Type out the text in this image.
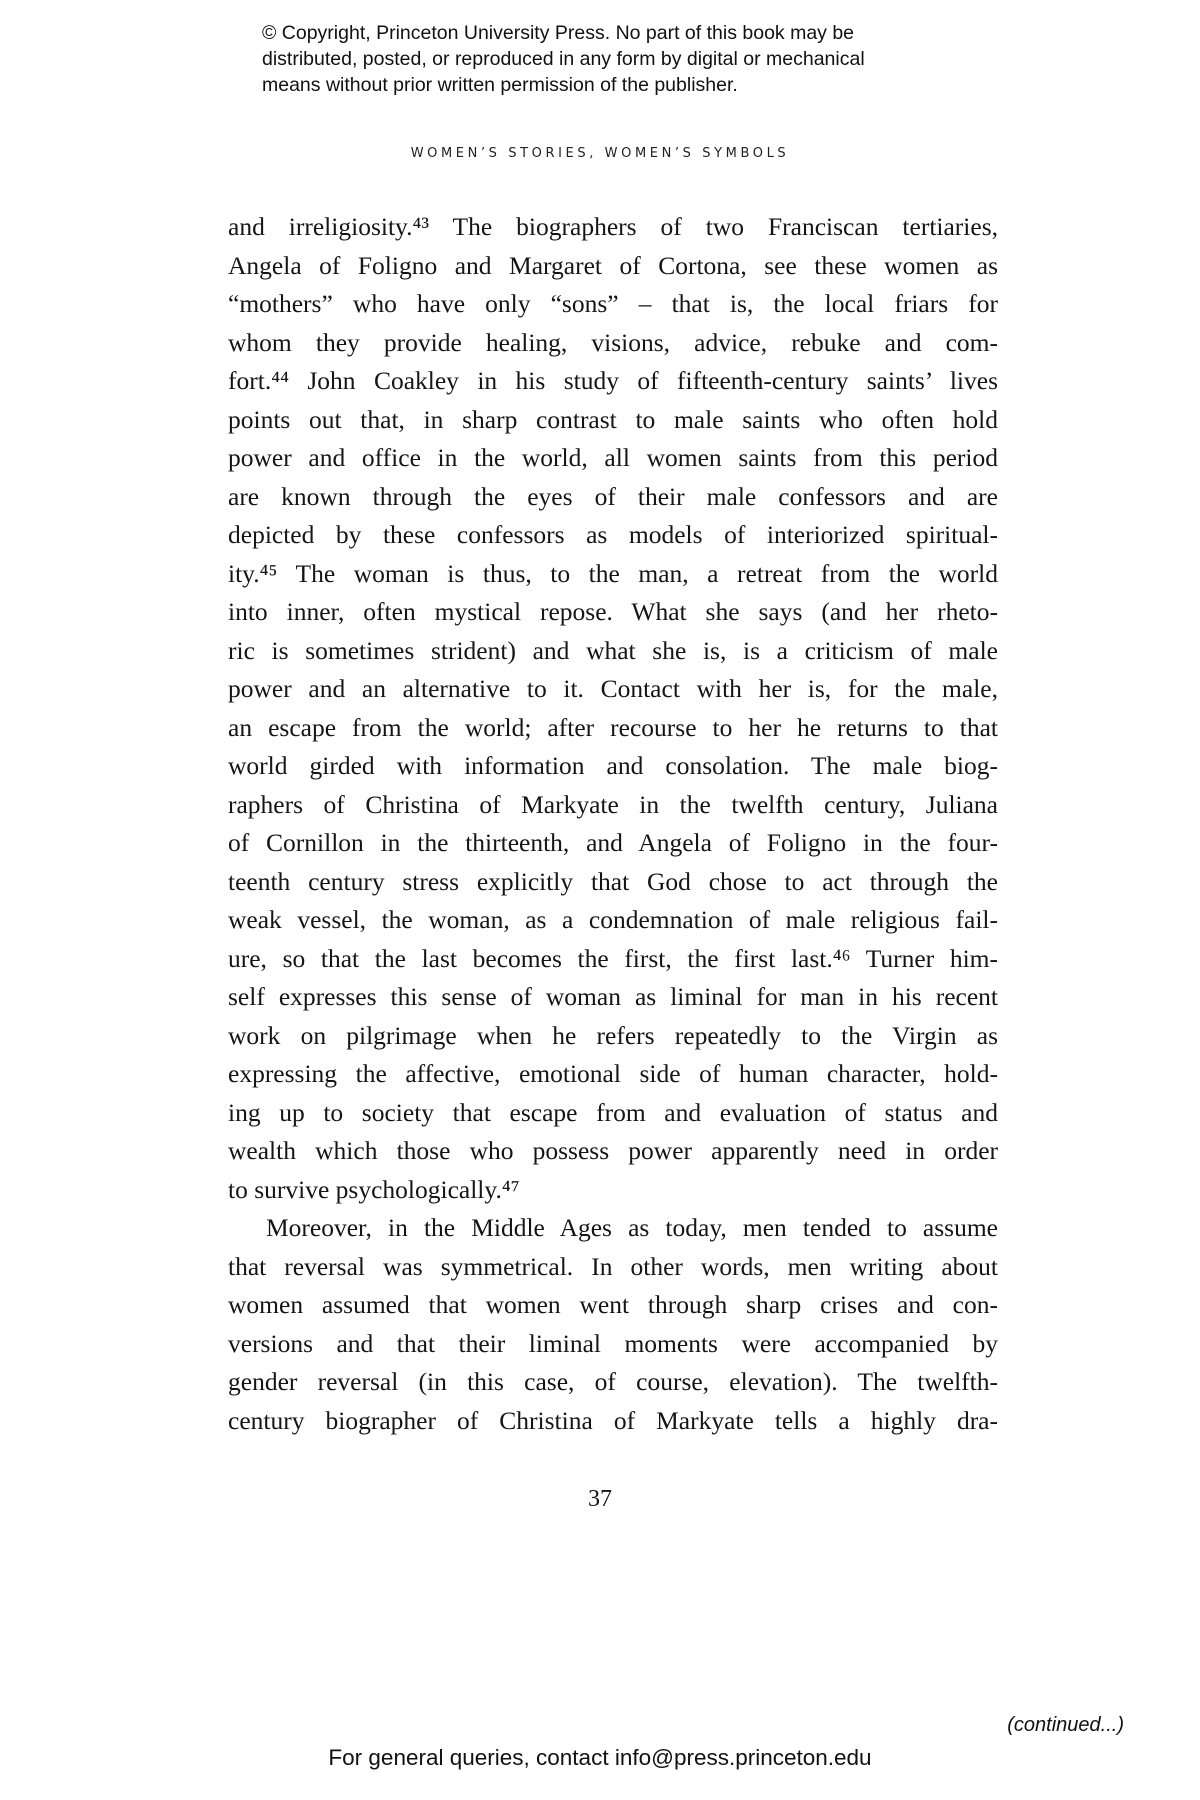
© Copyright, Princeton University Press. No part of this book may be
distributed, posted, or reproduced in any form by digital or mechanical
means without prior written permission of the publisher.
WOMEN’S STORIES, WOMEN’S SYMBOLS
and irreligiosity.⁴³ The biographers of two Franciscan tertiaries,
Angela of Foligno and Margaret of Cortona, see these women as
“mothers” who have only “sons” – that is, the local friars for
whom they provide healing, visions, advice, rebuke and com-
fort.⁴⁴ John Coakley in his study of fifteenth-century saints’ lives
points out that, in sharp contrast to male saints who often hold
power and office in the world, all women saints from this period
are known through the eyes of their male confessors and are
depicted by these confessors as models of interiorized spiritual-
ity.⁴⁵ The woman is thus, to the man, a retreat from the world
into inner, often mystical repose. What she says (and her rheto-
ric is sometimes strident) and what she is, is a criticism of male
power and an alternative to it. Contact with her is, for the male,
an escape from the world; after recourse to her he returns to that
world girded with information and consolation. The male biog-
raphers of Christina of Markyate in the twelfth century, Juliana
of Cornillon in the thirteenth, and Angela of Foligno in the four-
teenth century stress explicitly that God chose to act through the
weak vessel, the woman, as a condemnation of male religious fail-
ure, so that the last becomes the first, the first last.⁴⁶ Turner him-
self expresses this sense of woman as liminal for man in his recent
work on pilgrimage when he refers repeatedly to the Virgin as
expressing the affective, emotional side of human character, hold-
ing up to society that escape from and evaluation of status and
wealth which those who possess power apparently need in order
to survive psychologically.⁴⁷
Moreover, in the Middle Ages as today, men tended to assume
that reversal was symmetrical. In other words, men writing about
women assumed that women went through sharp crises and con-
versions and that their liminal moments were accompanied by
gender reversal (in this case, of course, elevation). The twelfth-
century biographer of Christina of Markyate tells a highly dra-
37
(continued...)
For general queries, contact info@press.princeton.edu
